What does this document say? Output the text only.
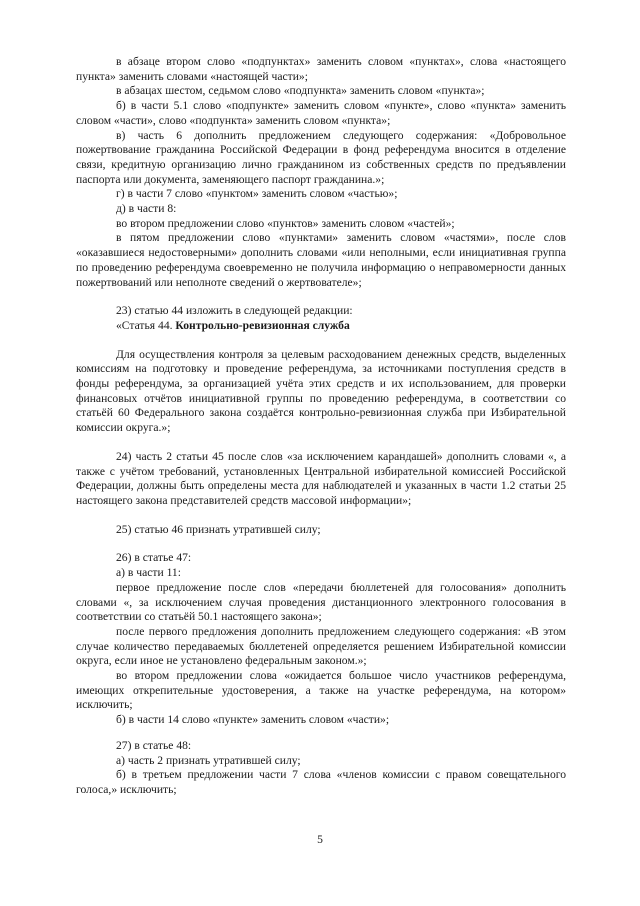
в абзаце втором слово «подпунктах» заменить словом «пунктах», слова «настоящего пункта» заменить словами «настоящей части»;

в абзацах шестом, седьмом слово «подпункта» заменить словом «пункта»;

б) в части 5.1 слово «подпункте» заменить словом «пункте», слово «пункта» заменить словом «части», слово «подпункта» заменить словом «пункта»;

в) часть 6 дополнить предложением следующего содержания: «Добровольное пожертвование гражданина Российской Федерации в фонд референдума вносится в отделение связи, кредитную организацию лично гражданином из собственных средств по предъявлении паспорта или документа, заменяющего паспорт гражданина.»;

г) в части 7 слово «пунктом» заменить словом «частью»;

д) в части 8:

во втором предложении слово «пунктов» заменить словом «частей»;

в пятом предложении слово «пунктами» заменить словом «частями», после слов «оказавшиеся недостоверными» дополнить словами «или неполными, если инициативная группа по проведению референдума своевременно не получила информацию о неправомерности данных пожертвований или неполноте сведений о жертвователе»;

23) статью 44 изложить в следующей редакции:

«Статья 44. Контрольно-ревизионная служба

Для осуществления контроля за целевым расходованием денежных средств, выделенных комиссиям на подготовку и проведение референдума, за источниками поступления средств в фонды референдума, за организацией учёта этих средств и их использованием, для проверки финансовых отчётов инициативной группы по проведению референдума, в соответствии со статьёй 60 Федерального закона создаётся контрольно-ревизионная служба при Избирательной комиссии округа.»;

24) часть 2 статьи 45 после слов «за исключением карандашей» дополнить словами «, а также с учётом требований, установленных Центральной избирательной комиссией Российской Федерации, должны быть определены места для наблюдателей и указанных в части 1.2 статьи 25 настоящего закона представителей средств массовой информации»;

25) статью 46 признать утратившей силу;

26) в статье 47:

а) в части 11:

первое предложение после слов «передачи бюллетеней для голосования» дополнить словами «, за исключением случая проведения дистанционного электронного голосования в соответствии со статьёй 50.1 настоящего закона»;

после первого предложения дополнить предложением следующего содержания: «В этом случае количество передаваемых бюллетеней определяется решением Избирательной комиссии округа, если иное не установлено федеральным законом.»;

во втором предложении слова «ожидается большое число участников референдума, имеющих открепительные удостоверения, а также на участке референдума, на котором» исключить;

б) в части 14 слово «пункте» заменить словом «части»;

27) в статье 48:

а) часть 2 признать утратившей силу;

б) в третьем предложении части 7 слова «членов комиссии с правом совещательного голоса,» исключить;

5
